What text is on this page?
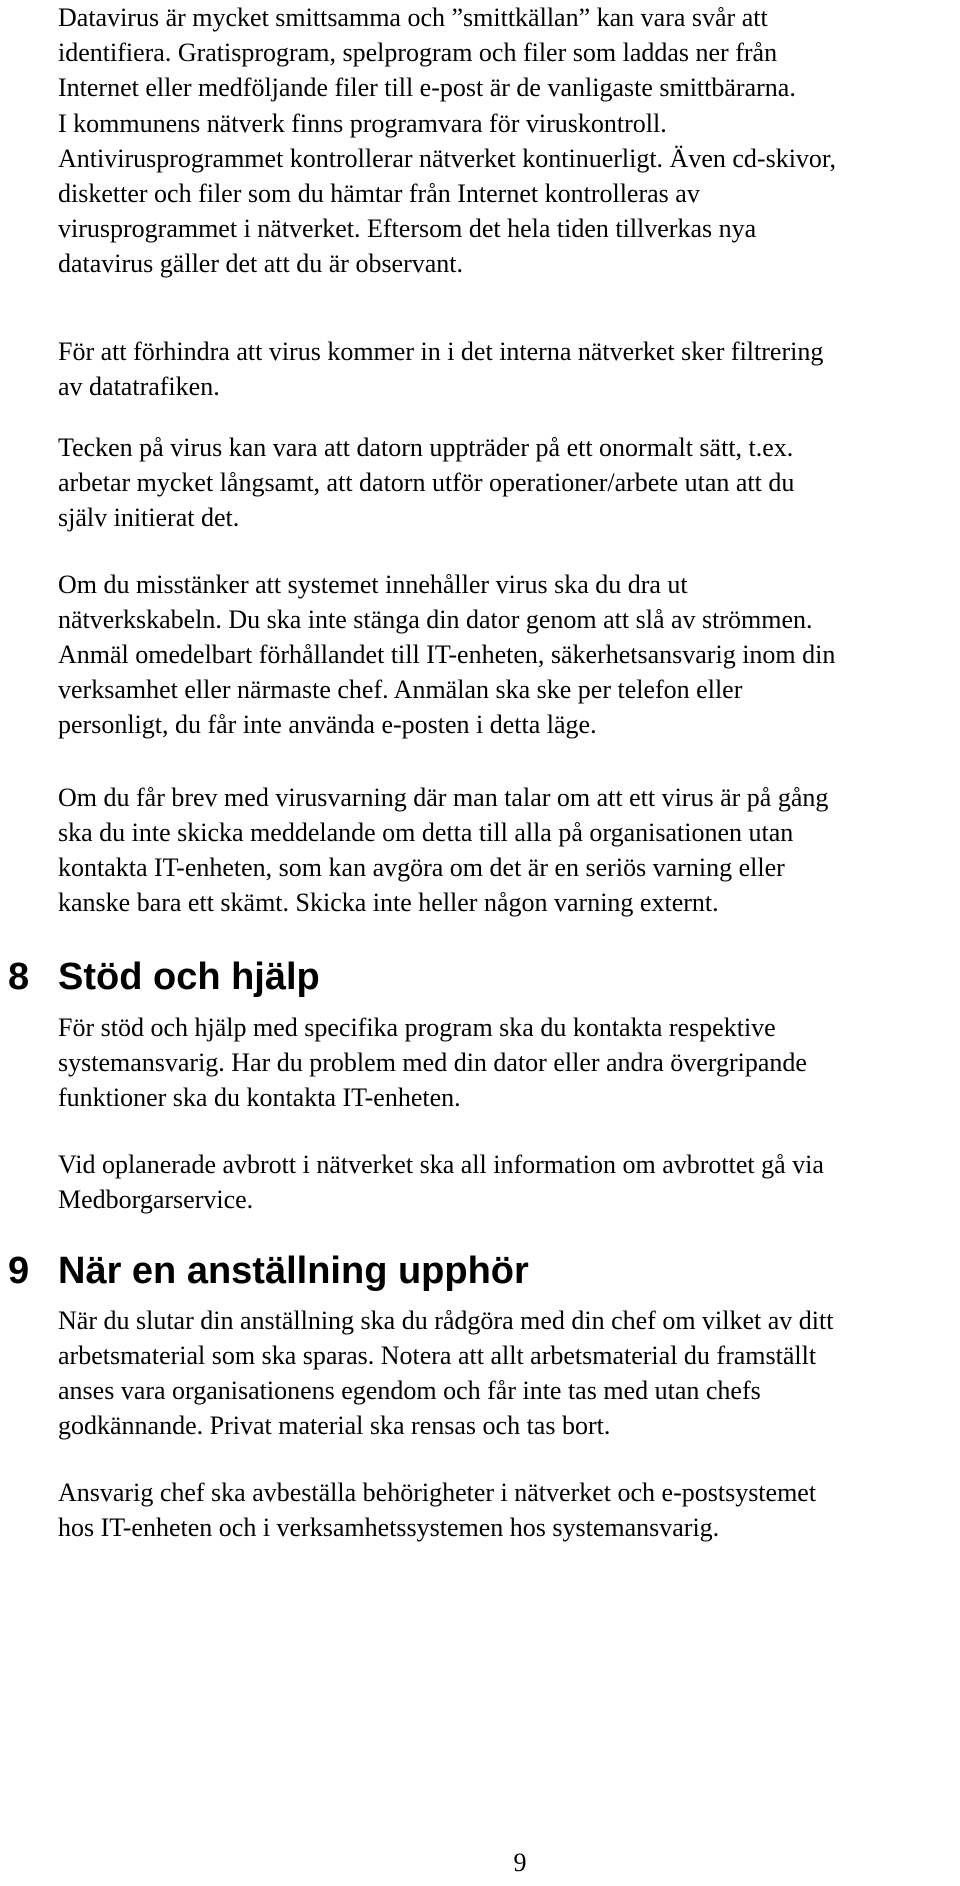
Datavirus är mycket smittsamma och ”smittkällan” kan vara svår att
identifiera. Gratisprogram, spelprogram och filer som laddas ner från
Internet eller medföljande filer till e-post är de vanligaste smittbärarna.

I kommunens nätverk finns programvara för viruskontroll.
Antivirusprogrammet kontrollerar nätverket kontinuerligt. Även cd-skivor,
disketter och filer som du hämtar från Internet kontrolleras av
virusprogrammet i nätverket. Eftersom det hela tiden tillverkas nya
datavirus gäller det att du är observant.

För att förhindra att virus kommer in i det interna nätverket sker filtrering
av datatrafiken.

Tecken på virus kan vara att datorn uppträder på ett onormalt sätt, t.ex.
arbetar mycket långsamt, att datorn utför operationer/arbete utan att du
själv initierat det.

Om du misstänker att systemet innehåller virus ska du dra ut
nätverkskabeln. Du ska inte stänga din dator genom att slå av strömmen.
Anmäl omedelbart förhållandet till IT-enheten, säkerhetsansvarig inom din
verksamhet eller närmaste chef. Anmälan ska ske per telefon eller
personligt, du får inte använda e-posten i detta läge.

Om du får brev med virusvarning där man talar om att ett virus är på gång
ska du inte skicka meddelande om detta till alla på organisationen utan
kontakta IT-enheten, som kan avgöra om det är en seriös varning eller
kanske bara ett skämt. Skicka inte heller någon varning externt.

8 Stöd och hjälp

För stöd och hjälp med specifika program ska du kontakta respektive
systemansvarig. Har du problem med din dator eller andra övergripande
funktioner ska du kontakta IT-enheten.

Vid oplanerade avbrott i nätverket ska all information om avbrottet gå via
Medborgarservice.

9 När en anställning upphör

När du slutar din anställning ska du rådgöra med din chef om vilket av ditt
arbetsmaterial som ska sparas. Notera att allt arbetsmaterial du framställt
anses vara organisationens egendom och får inte tas med utan chefs
godkännande. Privat material ska rensas och tas bort.

Ansvarig chef ska avbeställa behörigheter i nätverket och e-postsystemet
hos IT-enheten och i verksamhetssystemen hos systemansvarig.

9
